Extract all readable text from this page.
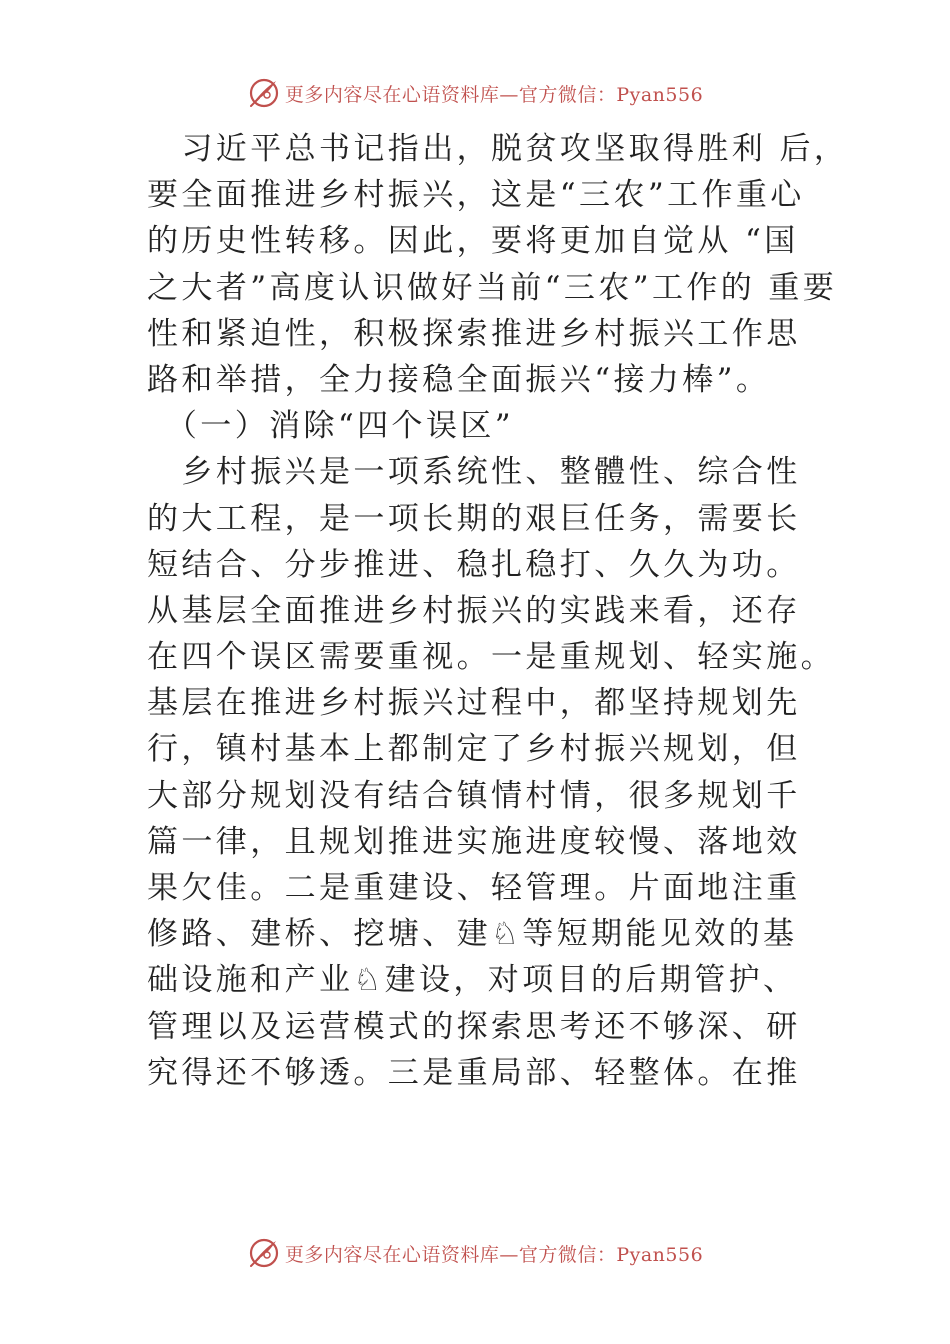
更多内容尽在心语资料库—官方微信：Pyan556
　习近平总书记指出，脱贫攻坚取得胜利 后，
要全面推进乡村振兴，这是“三农”工作重心
的历史性转移。因此，要将更加自觉从 “国
之大者”高度认识做好当前“三农”工作的 重要
性和紧迫性，积极探索推进乡村振兴工作思
路和举措，全力接稳全面振兴“接力棒”。
　（一）消除“四个误区”
　乡村振兴是一项系统性、整體性、综合性
的大工程，是一项长期的艰巨任务，需要长
短结合、分步推进、稳扎稳打、久久为功。
从基层全面推进乡村振兴的实践来看，还存
在四个误区需要重视。一是重规划、轻实施。
基层在推进乡村振兴过程中，都坚持规划先
行，镇村基本上都制定了乡村振兴规划，但
大部分规划没有结合镇情村情，很多规划千
篇一律，且规划推进实施进度较慢、落地效
果欠佳。二是重建设、轻管理。片面地注重
修路、建桥、挖塘、建♘等短期能见效的基
础设施和产业♘建设，对项目的后期管护、
管理以及运营模式的探索思考还不够深、研
究得还不够透。三是重局部、轻整体。在推
更多内容尽在心语资料库—官方微信：Pyan556
